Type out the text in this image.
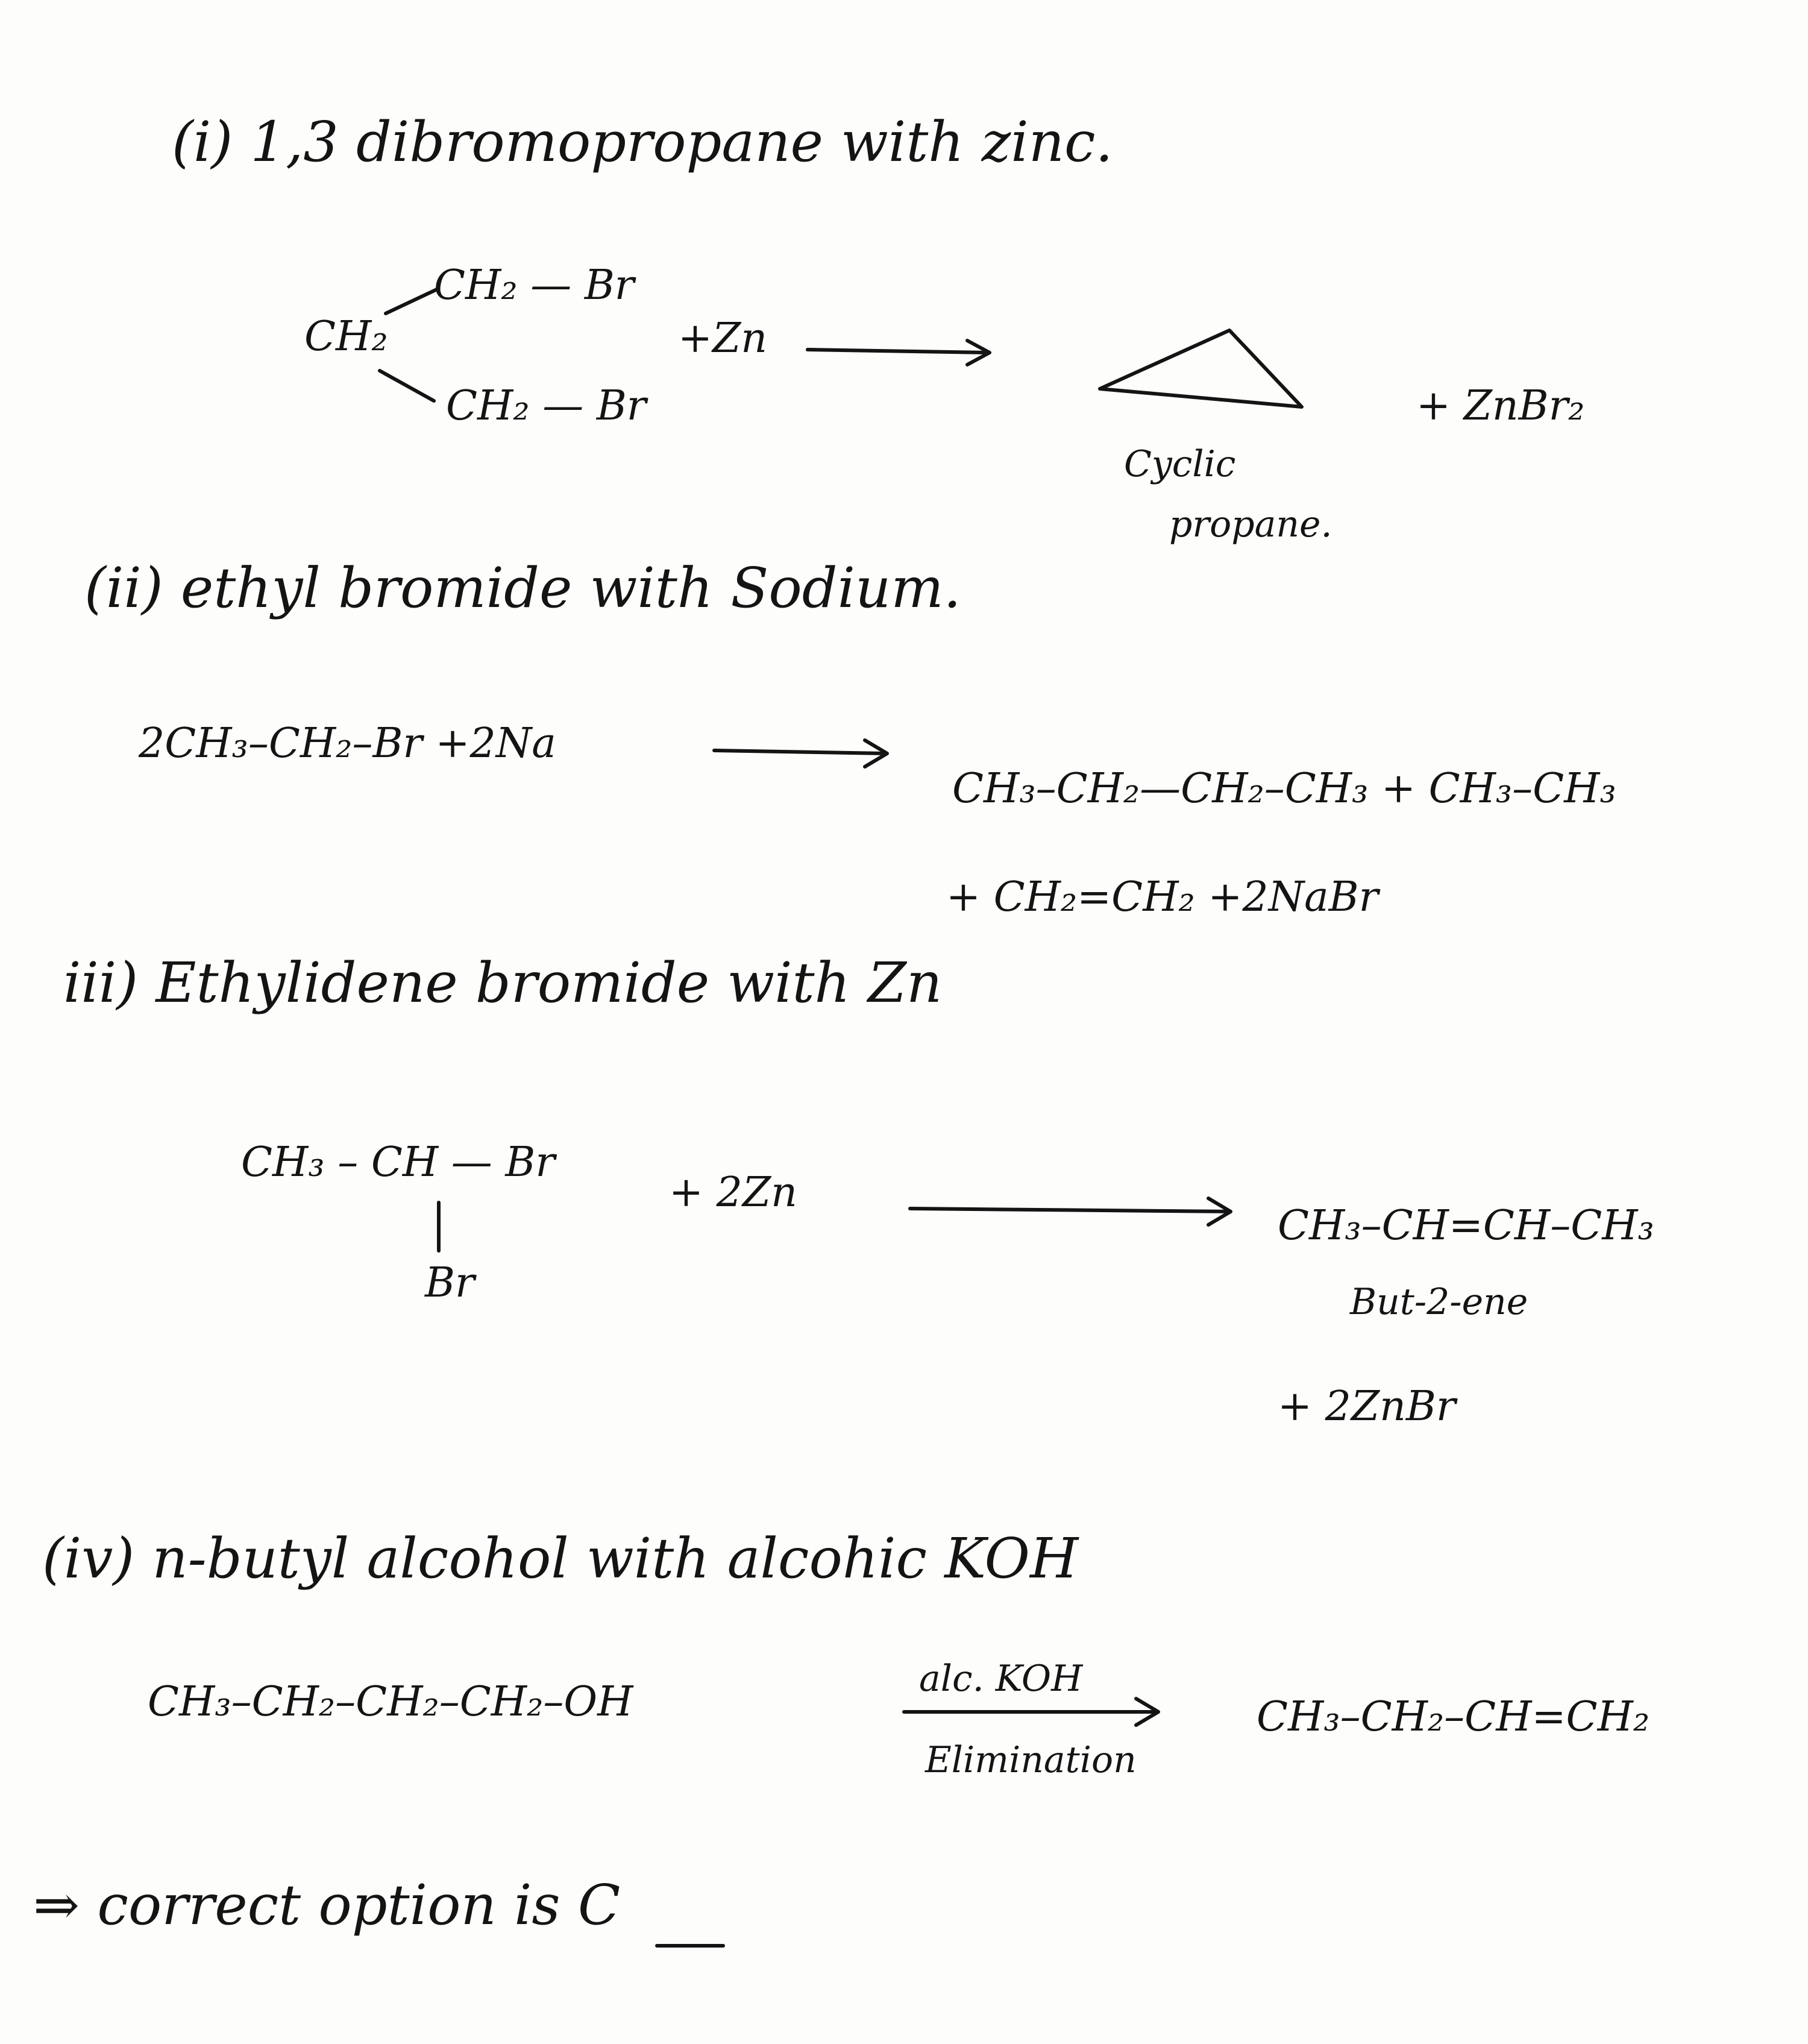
(i) 1,3 dibromopropane with zinc.
CH₂ — Br
CH₂
CH₂ — Br
+Zn
+ ZnBr₂
Cyclic
propane.
(ii) ethyl bromide with Sodium.
2CH₃–CH₂–Br +2Na
CH₃–CH₂—CH₂–CH₃ + CH₃–CH₃
+ CH₂=CH₂ +2NaBr
iii) Ethylidene bromide with Zn
CH₃ – CH — Br
Br
+ 2Zn
CH₃–CH=CH–CH₃
But-2-ene
+ 2ZnBr
(iv) n-butyl alcohol with alcohic KOH
CH₃–CH₂–CH₂–CH₂–OH	alc. KOH
Elimination
CH₃–CH₂–CH=CH₂
⇒ correct option is C
